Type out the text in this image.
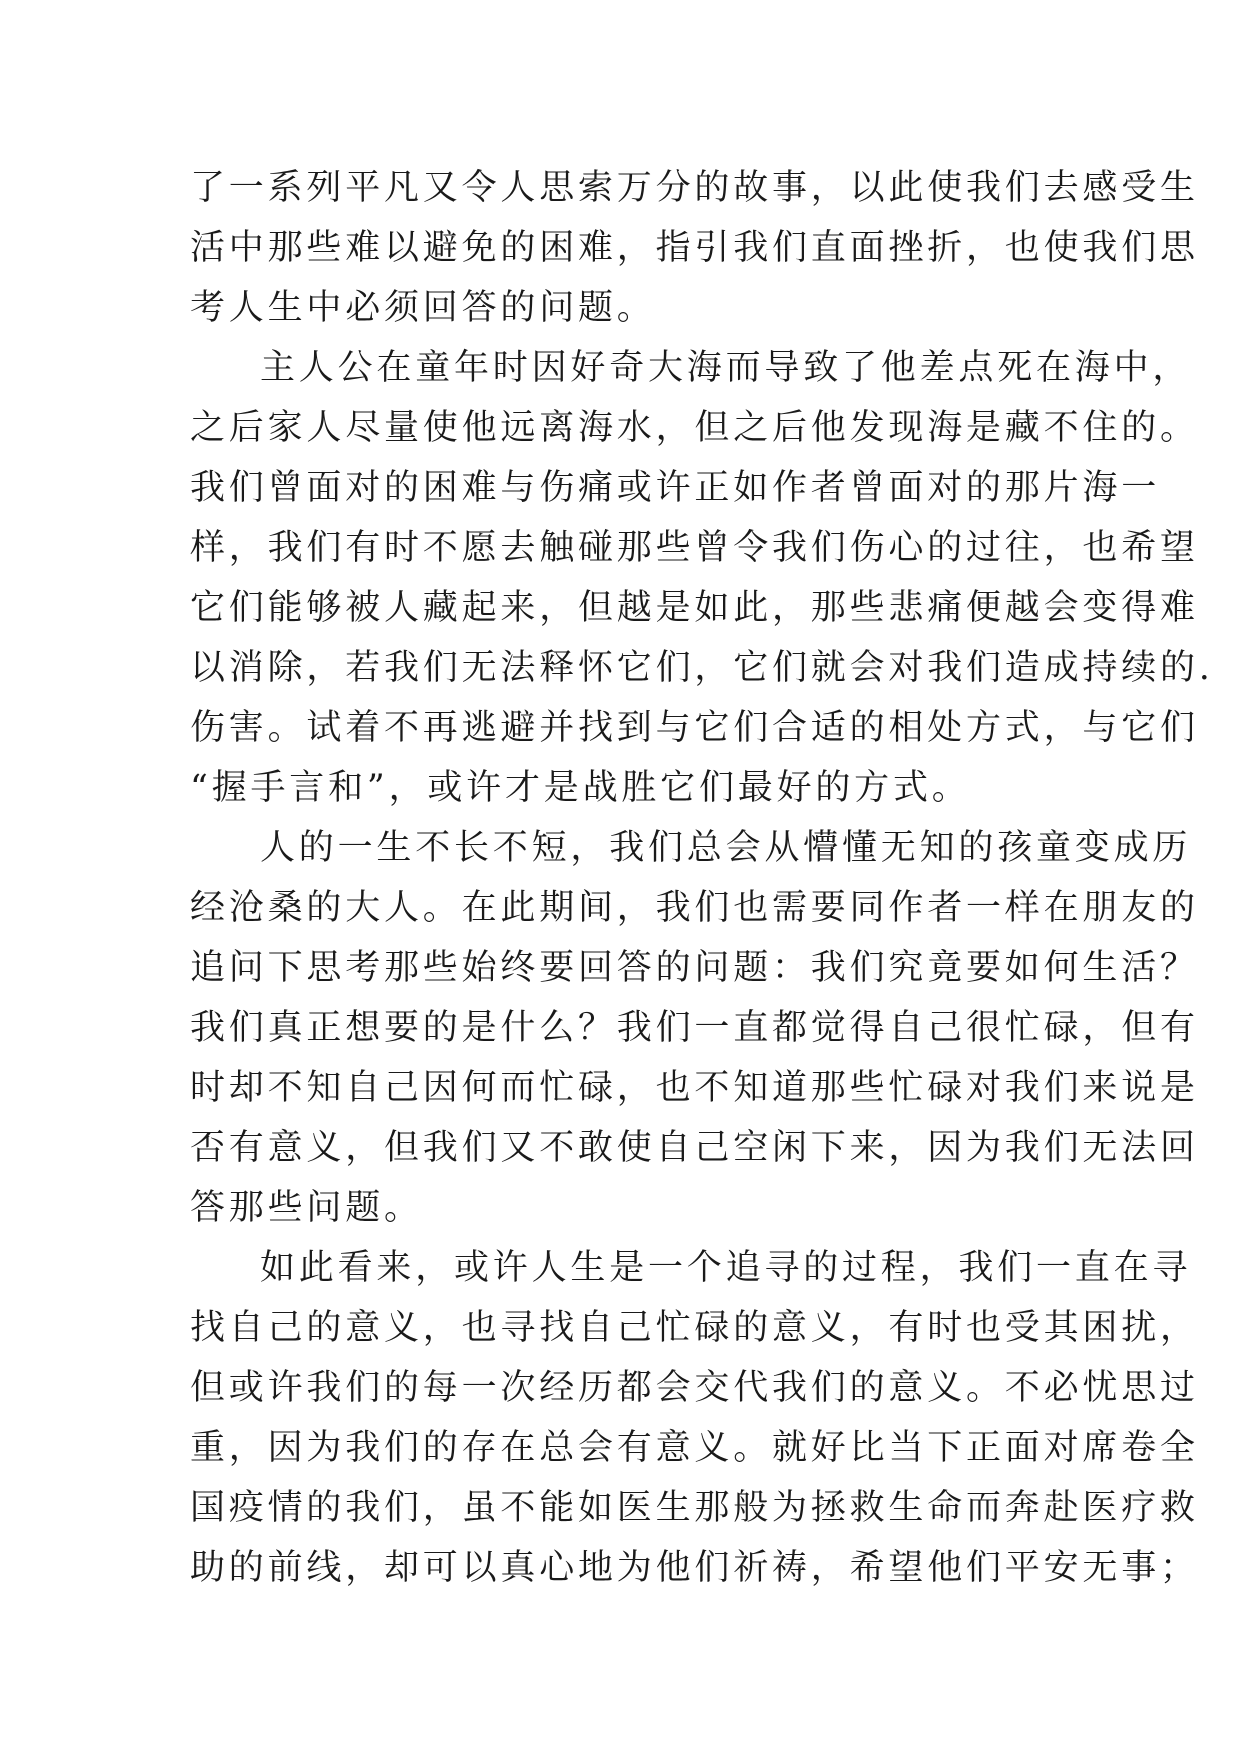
了一系列平凡又令人思索万分的故事，以此使我们去感受生

活中那些难以避免的困难，指引我们直面挫折，也使我们思

考人生中必须回答的问题。

主人公在童年时因好奇大海而导致了他差点死在海中，

之后家人尽量使他远离海水，但之后他发现海是藏不住的。

我们曾面对的困难与伤痛或许正如作者曾面对的那片海一

样，我们有时不愿去触碰那些曾令我们伤心的过往，也希望

它们能够被人藏起来，但越是如此，那些悲痛便越会变得难

以消除，若我们无法释怀它们，它们就会对我们造成持续的.

伤害。试着不再逃避并找到与它们合适的相处方式，与它们

“握手言和”，或许才是战胜它们最好的方式。

人的一生不长不短，我们总会从懵懂无知的孩童变成历

经沧桑的大人。在此期间，我们也需要同作者一样在朋友的

追问下思考那些始终要回答的问题：我们究竟要如何生活？

我们真正想要的是什么？我们一直都觉得自己很忙碌，但有

时却不知自己因何而忙碌，也不知道那些忙碌对我们来说是

否有意义，但我们又不敢使自己空闲下来，因为我们无法回

答那些问题。

如此看来，或许人生是一个追寻的过程，我们一直在寻

找自己的意义，也寻找自己忙碌的意义，有时也受其困扰，

但或许我们的每一次经历都会交代我们的意义。不必忧思过

重，因为我们的存在总会有意义。就好比当下正面对席卷全

国疫情的我们，虽不能如医生那般为拯救生命而奔赴医疗救

助的前线，却可以真心地为他们祈祷，希望他们平安无事；
